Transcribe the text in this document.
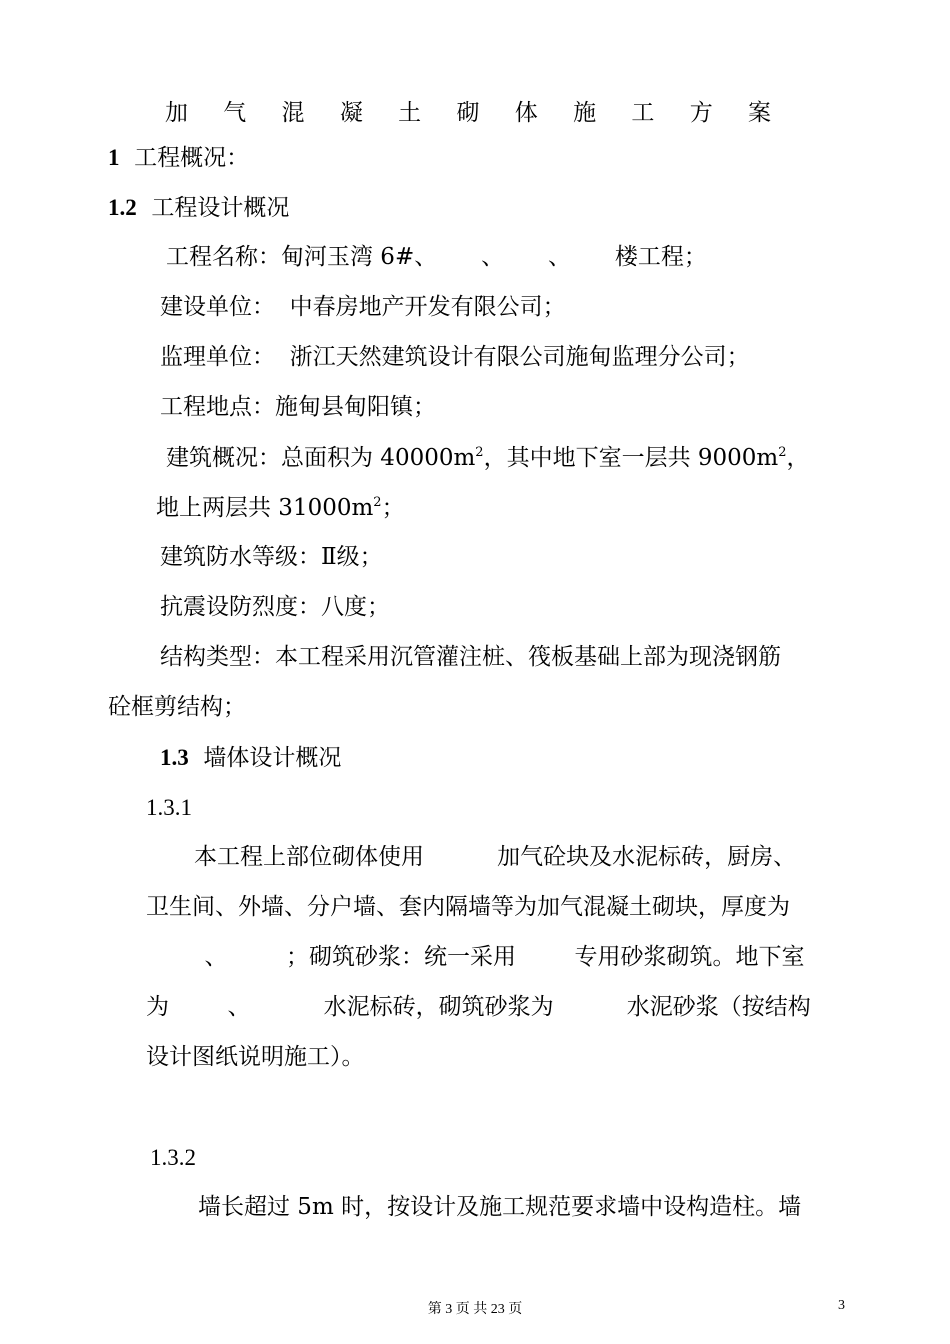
加 气 混 凝 土 砌 体 施 工 方 案
1 工程概况：
1.2 工程设计概况
工程名称：甸河玉湾 6#、      、      、      楼工程；
建设单位： 中春房地产开发有限公司；
监理单位： 浙江天然建筑设计有限公司施甸监理分公司；
工程地点：施甸县甸阳镇；
建筑概况：总面积为 $40000m^2$，其中地下室一层共 $9000m^2$，
地上两层共 $31000m^2$；
建筑防水等级：Ⅱ级；
抗震设防烈度：八度；
结构类型：本工程采用沉管灌注桩、筏板基础上部为现浇钢筋
砼框剪结构；
1.3 墙体设计概况
1.3.1
本工程上部位砌体使用          加气砼块及水泥标砖，厨房、
卫生间、外墙、分户墙、套内隔墙等为加气混凝土砌块，厚度为
、        ；砌筑砂浆：统一采用        专用砂浆砌筑。地下室
为        、          水泥标砖，砌筑砂浆为          水泥砂浆（按结构
设计图纸说明施工）。
1.3.2
墙长超过 5m 时，按设计及施工规范要求墙中设构造柱。墙
第 3 页 共 23 页	3
